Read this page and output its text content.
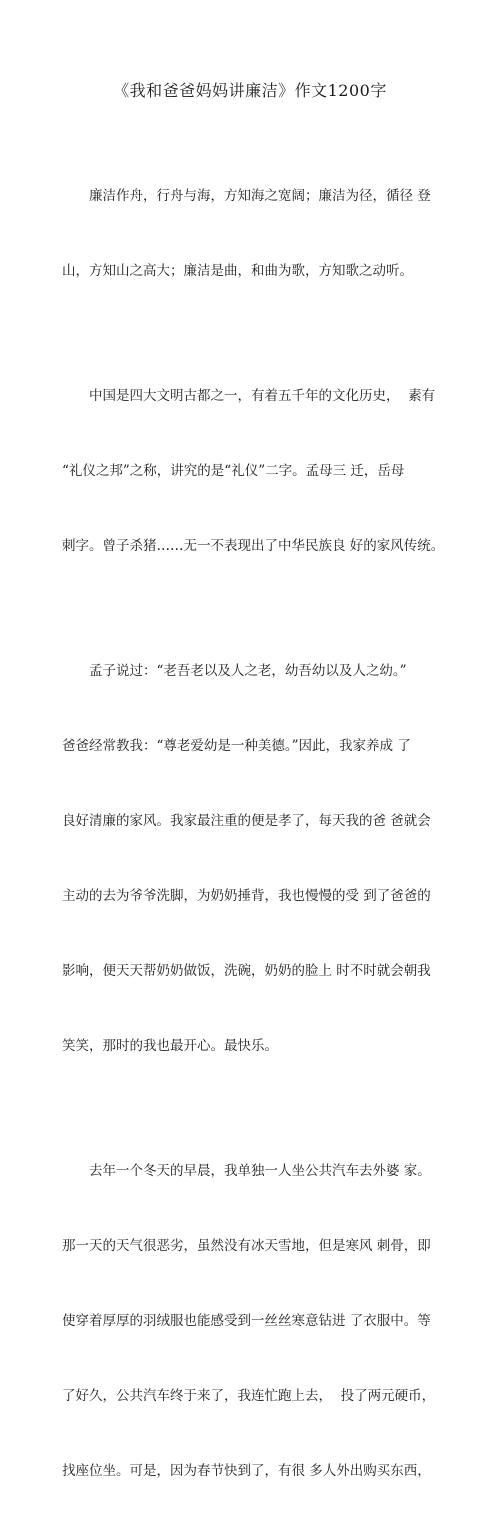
《我和爸爸妈妈讲廉洁》作文1200字

　　廉洁作舟，行舟与海，方知海之宽阔；廉洁为径，循径 登

山，方知山之高大；廉洁是曲，和曲为歌，方知歌之动听。

　　中国是四大文明古都之一，有着五千年的文化历史，  素有

“礼仪之邦”之称，讲究的是“礼仪”二字。孟母三 迁，岳母

刺字。曾子杀猪……无一不表现出了中华民族良 好的家风传统。

　　孟子说过：“老吾老以及人之老，幼吾幼以及人之幼。”

爸爸经常教我：“尊老爱幼是一种美德。”因此，我家养成 了

良好清廉的家风。我家最注重的便是孝了，每天我的爸 爸就会

主动的去为爷爷洗脚，为奶奶捶背，我也慢慢的受 到了爸爸的

影响，便天天帮奶奶做饭，洗碗，奶奶的脸上 时不时就会朝我

笑笑，那时的我也最开心。最快乐。

　　去年一个冬天的早晨，我单独一人坐公共汽车去外婆 家。

那一天的天气很恶劣，虽然没有冰天雪地，但是寒风 刺骨，即

使穿着厚厚的羽绒服也能感受到一丝丝寒意钻进 了衣服中。等

了好久，公共汽车终于来了，我连忙跑上去，  投了两元硬币，

找座位坐。可是，因为春节快到了，有很 多人外出购买东西，
